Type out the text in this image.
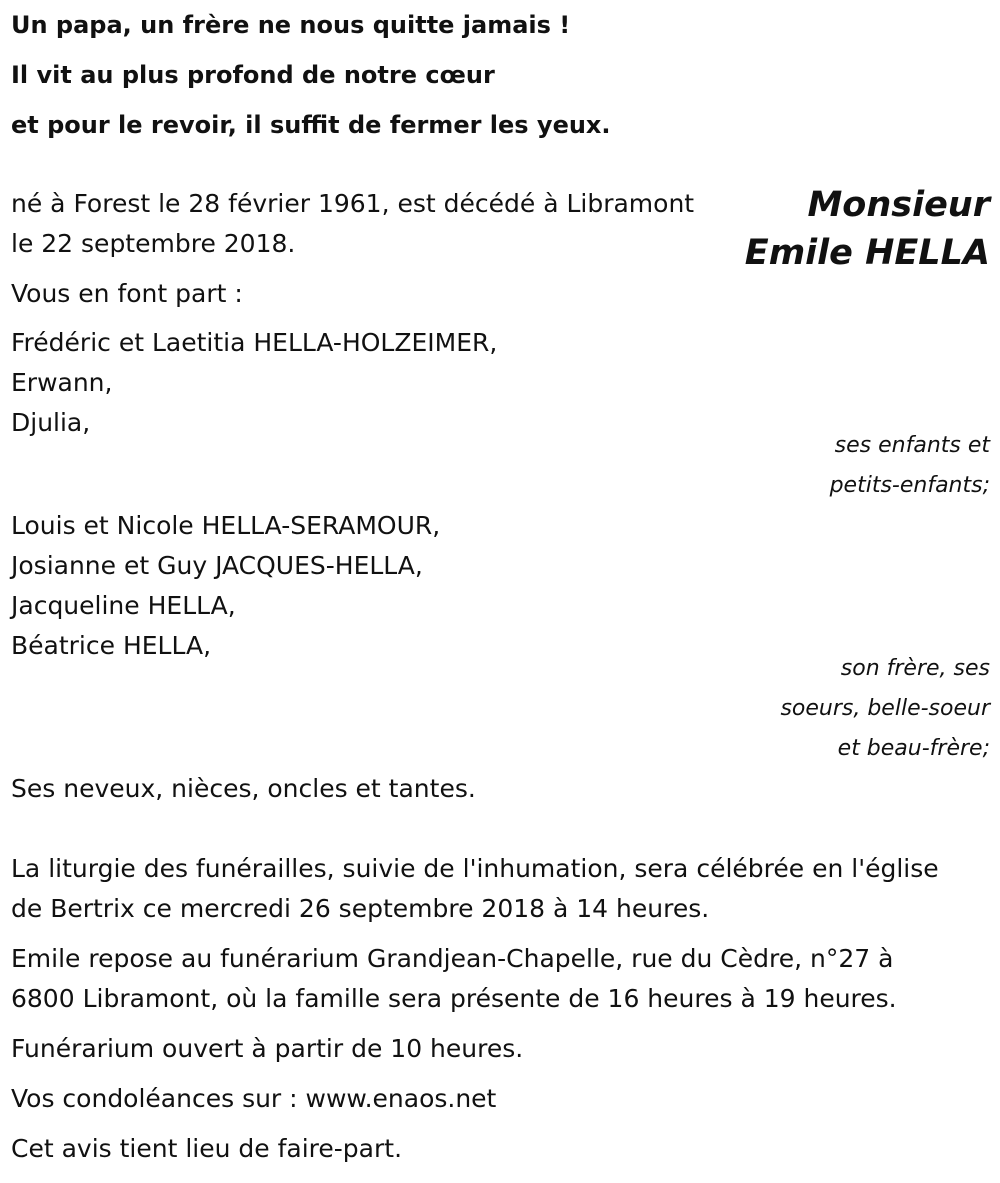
Un papa, un frère ne nous quitte jamais !
Il vit au plus profond de notre cœur
et pour le revoir, il suffit de fermer les yeux.
Monsieur
Emile HELLA
né à Forest le 28 février 1961, est décédé à Libramont
le 22 septembre 2018.
Vous en font part :
Frédéric et Laetitia HELLA-HOLZEIMER,
Erwann,
Djulia,
ses enfants et
petits-enfants;
Louis et Nicole HELLA-SERAMOUR,
Josianne et Guy JACQUES-HELLA,
Jacqueline HELLA,
Béatrice HELLA,
son frère, ses
soeurs, belle-soeur
et beau-frère;
Ses neveux, nièces, oncles et tantes.
La liturgie des funérailles, suivie de l'inhumation, sera célébrée en l'église
de Bertrix ce mercredi 26 septembre 2018 à 14 heures.
Emile repose au funérarium Grandjean-Chapelle, rue du Cèdre, n°27 à
6800 Libramont, où la famille sera présente de 16 heures à 19 heures.
Funérarium ouvert à partir de 10 heures.
Vos condoléances sur : www.enaos.net
Cet avis tient lieu de faire-part.
